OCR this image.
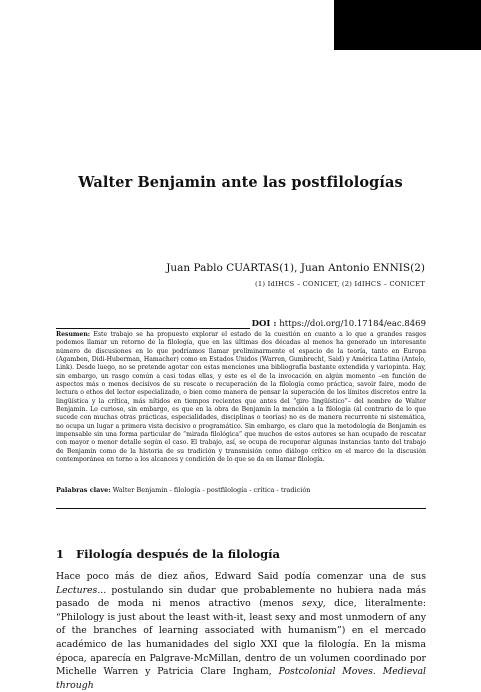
Walter Benjamin ante las postfilologías
Juan Pablo CUARTAS(1), Juan Antonio ENNIS(2)
(1) IdIHCS – CONICET, (2) IdIHCS – CONICET
DOI :
https://doi.org/10.17184/eac.8469
Resumen: Este trabajo se ha propuesto explorar el estado de la cuestión en cuanto a lo que a grandes rasgos podemos llamar un retorno de la filología, que en las últimas dos décadas al menos ha generado un interesante número de discusiones en lo que podríamos llamar preliminarmente el espacio de la teoría, tanto en Europa (Agamben, Didi-Huberman, Hamacher) como en Estados Unidos (Warren, Gumbrecht, Said) y América Latina (Antelo, Link). Desde luego, no se pretende agotar con estas menciones una bibliografía bastante extendida y variopinta. Hay, sin embargo, un rasgo común a casi todas ellas, y este es el de la invocación en algún momento –en función de aspectos más o menos decisivos de su rescate o recuperación de la filología como práctica, savoir faire, modo de lectura o ethos del lector especializado, o bien como manera de pensar la superación de los límites discretos entre la lingüística y la crítica, más nítidos en tiempos recientes que antes del “giro lingüístico”– del nombre de Walter Benjamin. Lo curioso, sin embargo, es que en la obra de Benjamin la mención a la filología (al contrario de lo que sucede con muchas otras prácticas, especialidades, disciplinas o teorías) no es de manera recurrente ni sistemática, no ocupa un lugar a primera vista decisivo o programático. Sin embargo, es claro que la metodología de Benjamin es impensable sin una forma particular de “mirada filológica” que muchos de estos autores se han ocupado de rescatar con mayor o menor detalle según el caso. El trabajo, así, se ocupa de recuperar algunas instancias tanto del trabajo de Benjamin como de la historia de su tradición y transmisión como diálogo crítico en el marco de la discusión contemporánea en torno a los alcances y condición de lo que se da en llamar filología.
Palabras clave: Walter Benjamin - filología - postfilología - crítica - tradición
1 Filología después de la filología

Hace poco más de diez años, Edward Said podía comenzar una de sus Lectures... postulando sin dudar que probablemente no hubiera nada más pasado de moda ni menos atractivo (menos sexy, dice, literalmente: “Philology is just about the least with-it, least sexy and most unmodern of any of the branches of learning associated with humanism”) en el mercado académico de las humanidades del siglo XXI que la filología. En la misma época, aparecía en Palgrave-McMillan, dentro de un volumen coordinado por Michelle Warren y Patricia Clare Ingham, Postcolonial Moves. Medieval through
